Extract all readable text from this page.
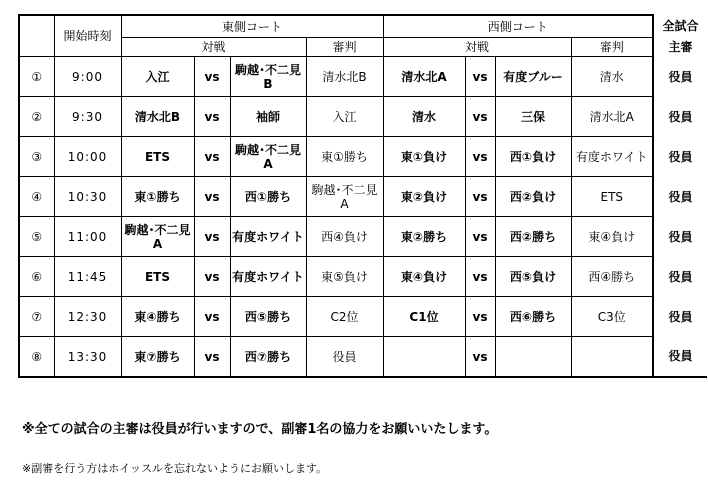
	開始時刻	東側コート				西側コート				全試合
		対戦			審判	対戦			審判	主審
①	9:00	入江	vs	駒越･不二見B	清水北B	清水北A	vs	有度ブルー	清水	役員
②	9:30	清水北B	vs	袖師	入江	清水	vs	三保	清水北A	役員
③	10:00	ETS	vs	駒越･不二見A	東①勝ち	東①負け	vs	西①負け	有度ホワイト	役員
④	10:30	東①勝ち	vs	西①勝ち	駒越･不二見A	東②負け	vs	西②負け	ETS	役員
⑤	11:00	駒越･不二見A	vs	有度ホワイト	西④負け	東②勝ち	vs	西②勝ち	東④負け	役員
⑥	11:45	ETS	vs	有度ホワイト	東⑤負け	東④負け	vs	西⑤負け	西④勝ち	役員
⑦	12:30	東④勝ち	vs	西⑤勝ち	C2位	C1位	vs	西⑥勝ち	C3位	役員
⑧	13:30	東⑦勝ち	vs	西⑦勝ち	役員		vs			役員
※全ての試合の主審は役員が行いますので、副審1名の協力をお願いいたします。
※副審を行う方はホイッスルを忘れないようにお願いします。
